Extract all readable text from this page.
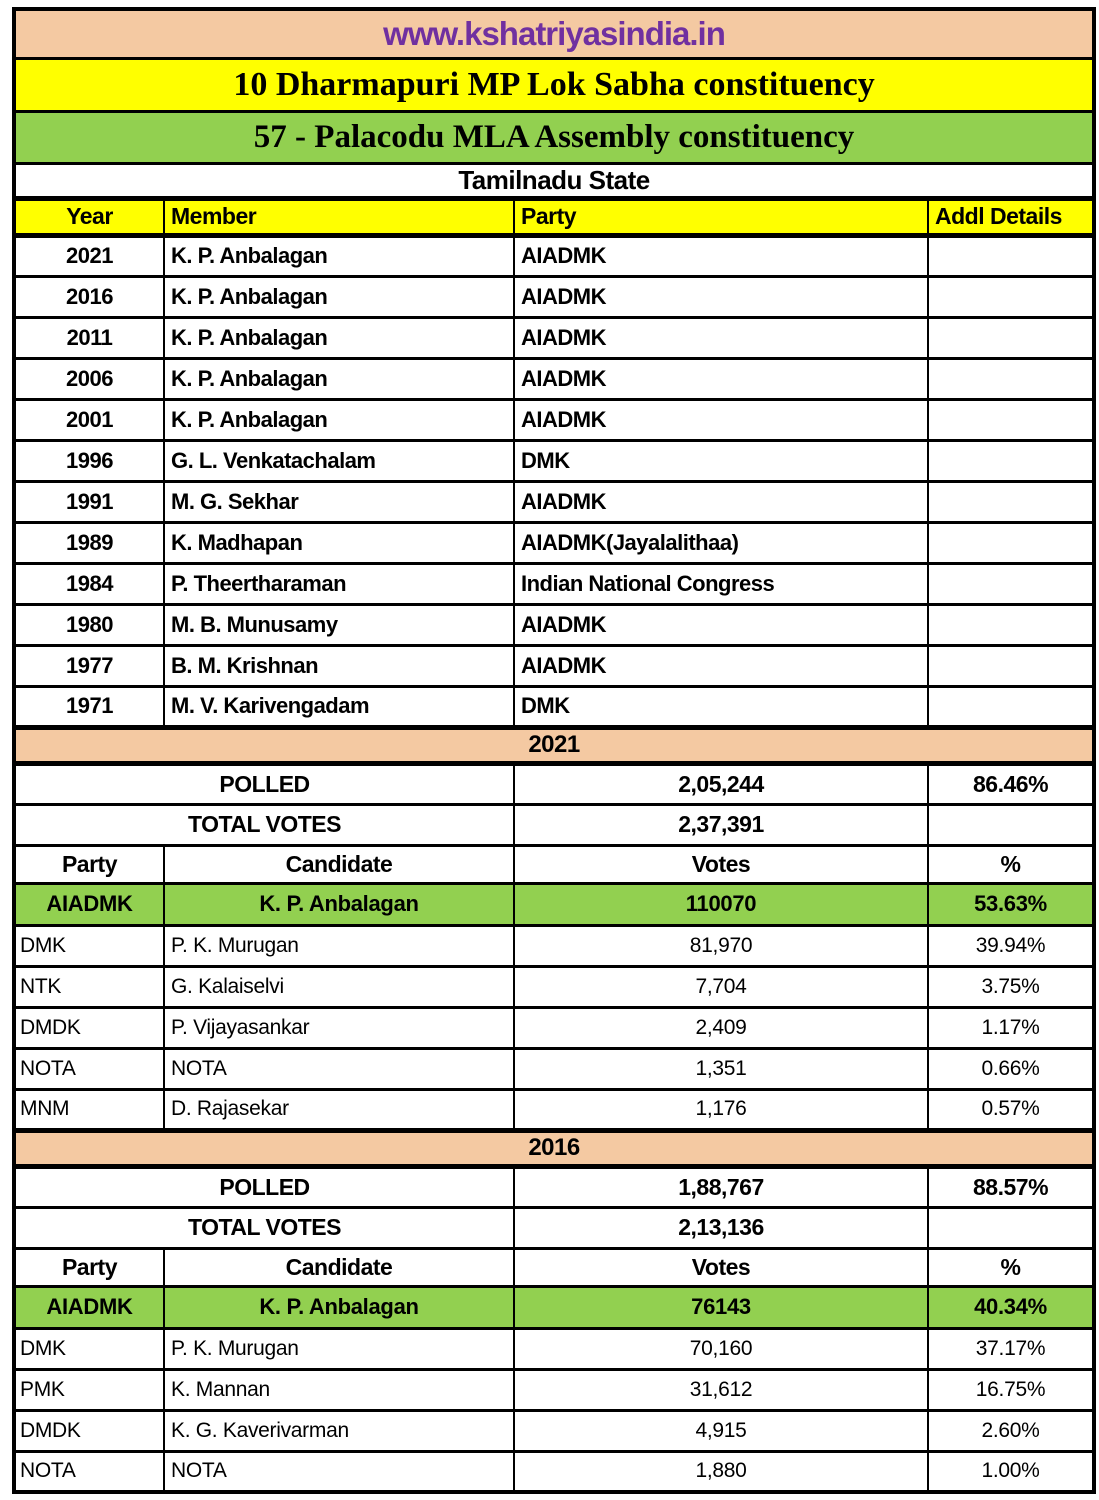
www.kshatriyasindia.in			
10 Dharmapuri MP Lok Sabha constituency			
57 - Palacodu MLA Assembly constituency			
Tamilnadu State			
Year	Member	Party	Addl Details
2021	K. P. Anbalagan	AIADMK	
2016	K. P. Anbalagan	AIADMK	
2011	K. P. Anbalagan	AIADMK	
2006	K. P. Anbalagan	AIADMK	
2001	K. P. Anbalagan	AIADMK	
1996	G. L. Venkatachalam	DMK	
1991	M. G. Sekhar	AIADMK	
1989	K. Madhapan	AIADMK(Jayalalithaa)	
1984	P. Theertharaman	Indian National Congress	
1980	M. B. Munusamy	AIADMK	
1977	B. M. Krishnan	AIADMK	
1971	M. V. Karivengadam	DMK	
2021			
POLLED		2,05,244	86.46%
TOTAL VOTES		2,37,391	
Party	Candidate	Votes	%
AIADMK	K. P. Anbalagan	110070	53.63%
DMK	P. K. Murugan	81,970	39.94%
NTK	G. Kalaiselvi	7,704	3.75%
DMDK	P. Vijayasankar	2,409	1.17%
NOTA	NOTA	1,351	0.66%
MNM	D. Rajasekar	1,176	0.57%
2016			
POLLED		1,88,767	88.57%
TOTAL VOTES		2,13,136	
Party	Candidate	Votes	%
AIADMK	K. P. Anbalagan	76143	40.34%
DMK	P. K. Murugan	70,160	37.17%
PMK	K. Mannan	31,612	16.75%
DMDK	K. G. Kaverivarman	4,915	2.60%
NOTA	NOTA	1,880	1.00%
